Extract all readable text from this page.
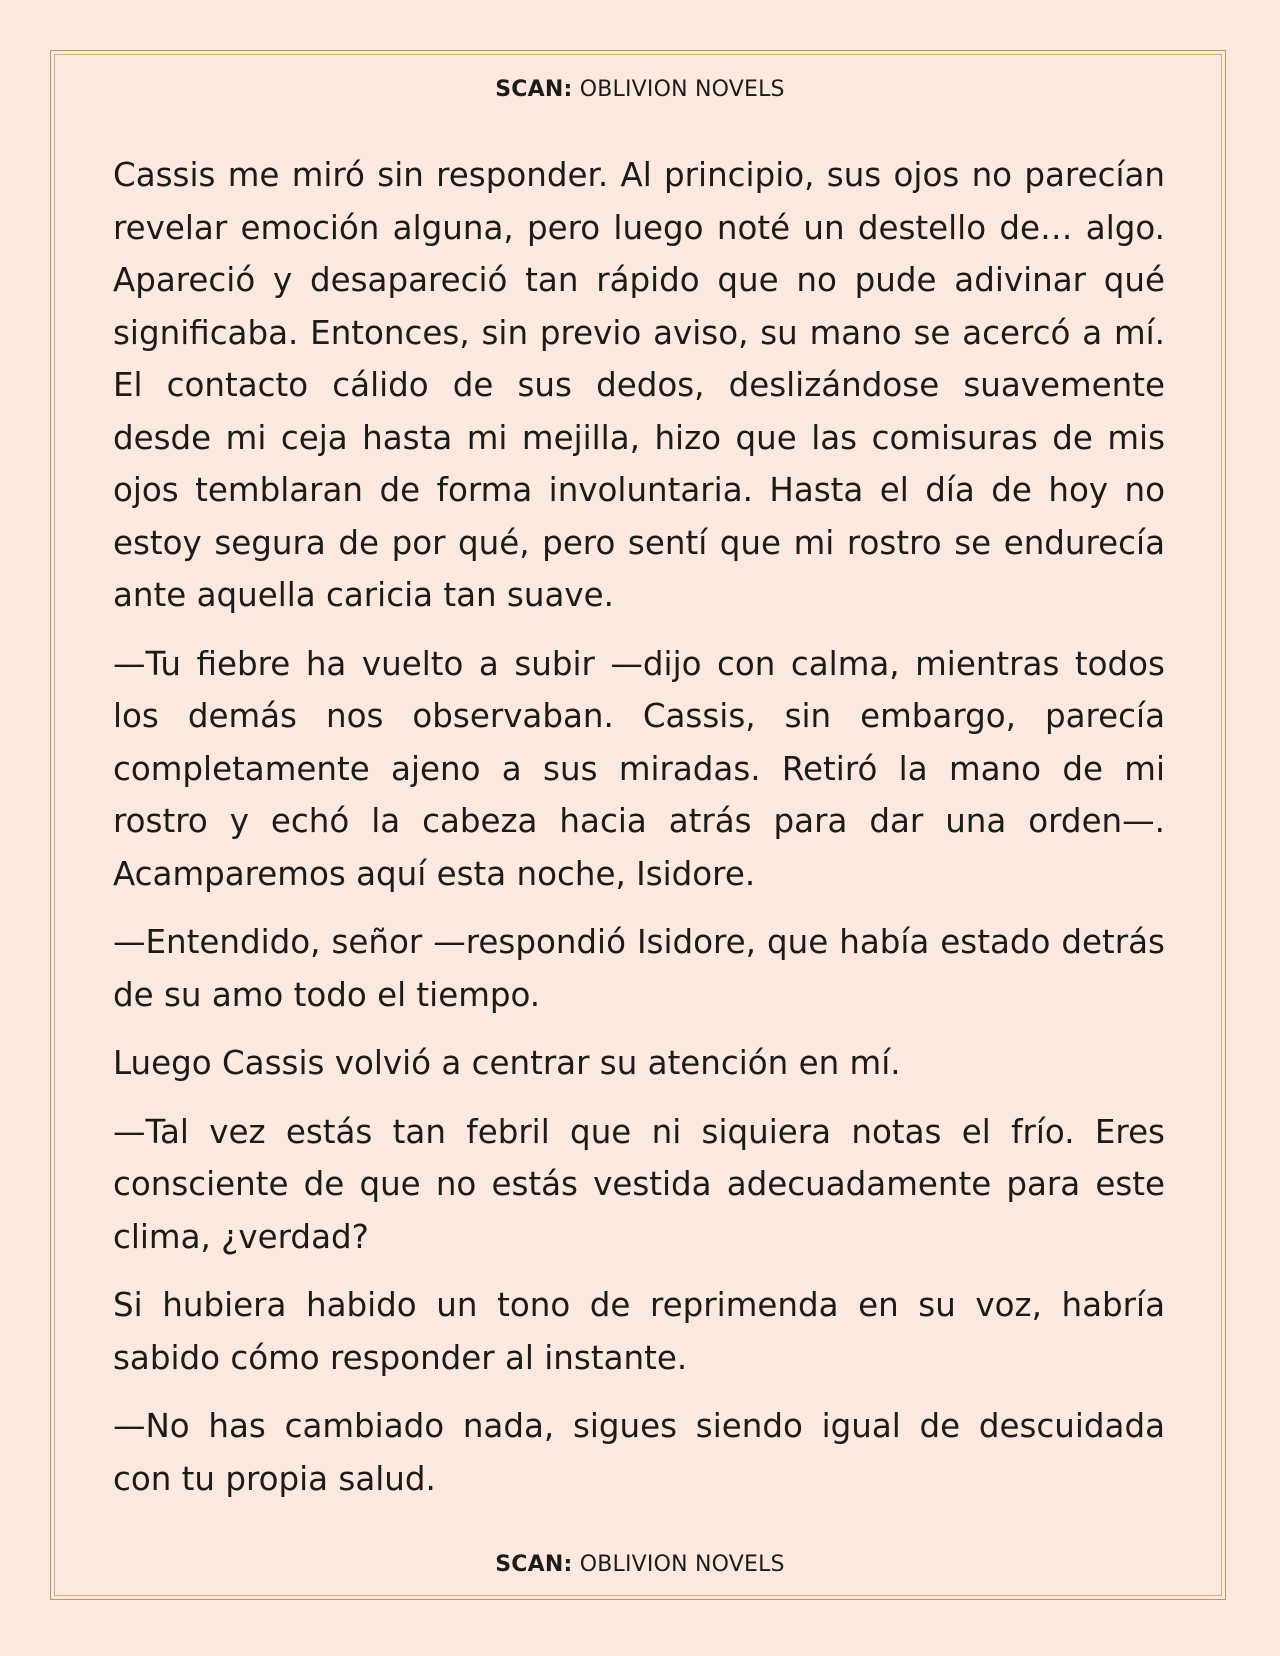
SCAN: OBLIVION NOVELS

Cassis me miró sin responder. Al principio, sus ojos no parecían revelar emoción alguna, pero luego noté un destello de… algo. Apareció y desapareció tan rápido que no pude adivinar qué significaba. Entonces, sin previo aviso, su mano se acercó a mí. El contacto cálido de sus dedos, deslizándose suavemente desde mi ceja hasta mi mejilla, hizo que las comisuras de mis ojos temblaran de forma involuntaria. Hasta el día de hoy no estoy segura de por qué, pero sentí que mi rostro se endurecía ante aquella caricia tan suave.

—Tu fiebre ha vuelto a subir —dijo con calma, mientras todos los demás nos observaban. Cassis, sin embargo, parecía completamente ajeno a sus miradas. Retiró la mano de mi rostro y echó la cabeza hacia atrás para dar una orden—. Acamparemos aquí esta noche, Isidore.

—Entendido, señor —respondió Isidore, que había estado detrás de su amo todo el tiempo.

Luego Cassis volvió a centrar su atención en mí.

—Tal vez estás tan febril que ni siquiera notas el frío. Eres consciente de que no estás vestida adecuadamente para este clima, ¿verdad?

Si hubiera habido un tono de reprimenda en su voz, habría sabido cómo responder al instante.

—No has cambiado nada, sigues siendo igual de descuidada con tu propia salud.

SCAN: OBLIVION NOVELS
